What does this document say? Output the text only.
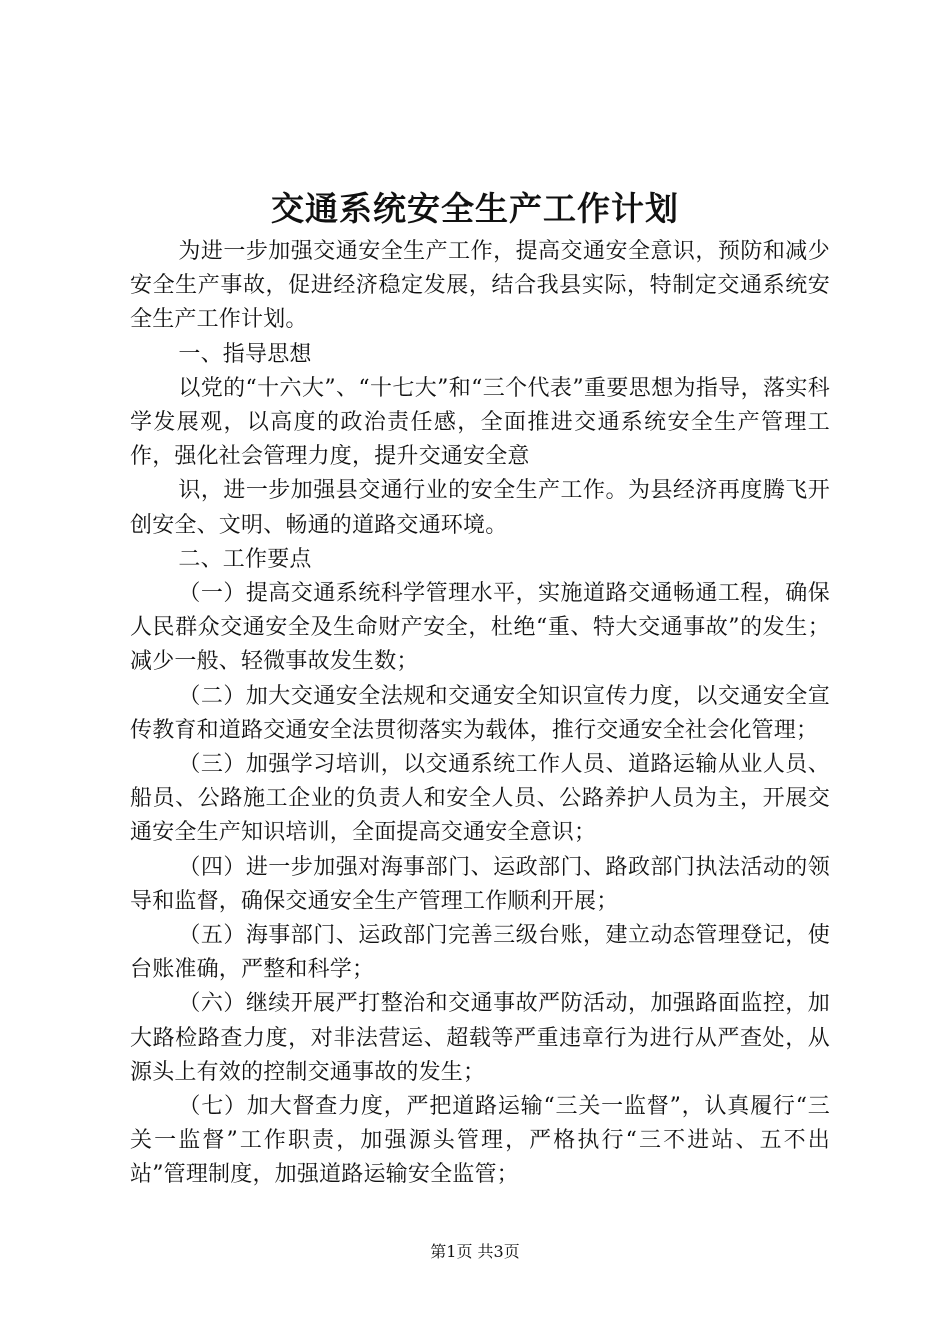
交通系统安全生产工作计划

为进一步加强交通安全生产工作，提高交通安全意识，预防和减少安全生产事故，促进经济稳定发展，结合我县实际，特制定交通系统安全生产工作计划。

一、指导思想

以党的“十六大”、“十七大”和“三个代表”重要思想为指导，落实科学发展观，以高度的政治责任感，全面推进交通系统安全生产管理工作，强化社会管理力度，提升交通安全意

识，进一步加强县交通行业的安全生产工作。为县经济再度腾飞开创安全、文明、畅通的道路交通环境。

二、工作要点

（一）提高交通系统科学管理水平，实施道路交通畅通工程，确保人民群众交通安全及生命财产安全，杜绝“重、特大交通事故”的发生；减少一般、轻微事故发生数；

（二）加大交通安全法规和交通安全知识宣传力度，以交通安全宣传教育和道路交通安全法贯彻落实为载体，推行交通安全社会化管理；

（三）加强学习培训，以交通系统工作人员、道路运输从业人员、船员、公路施工企业的负责人和安全人员、公路养护人员为主，开展交通安全生产知识培训，全面提高交通安全意识；

（四）进一步加强对海事部门、运政部门、路政部门执法活动的领导和监督，确保交通安全生产管理工作顺利开展；

（五）海事部门、运政部门完善三级台账，建立动态管理登记，使台账准确，严整和科学；

（六）继续开展严打整治和交通事故严防活动，加强路面监控，加大路检路查力度，对非法营运、超载等严重违章行为进行从严查处，从源头上有效的控制交通事故的发生；

（七）加大督查力度，严把道路运输“三关一监督”，认真履行“三关一监督”工作职责，加强源头管理，严格执行“三不进站、五不出站”管理制度，加强道路运输安全监管；

第1页 共3页
